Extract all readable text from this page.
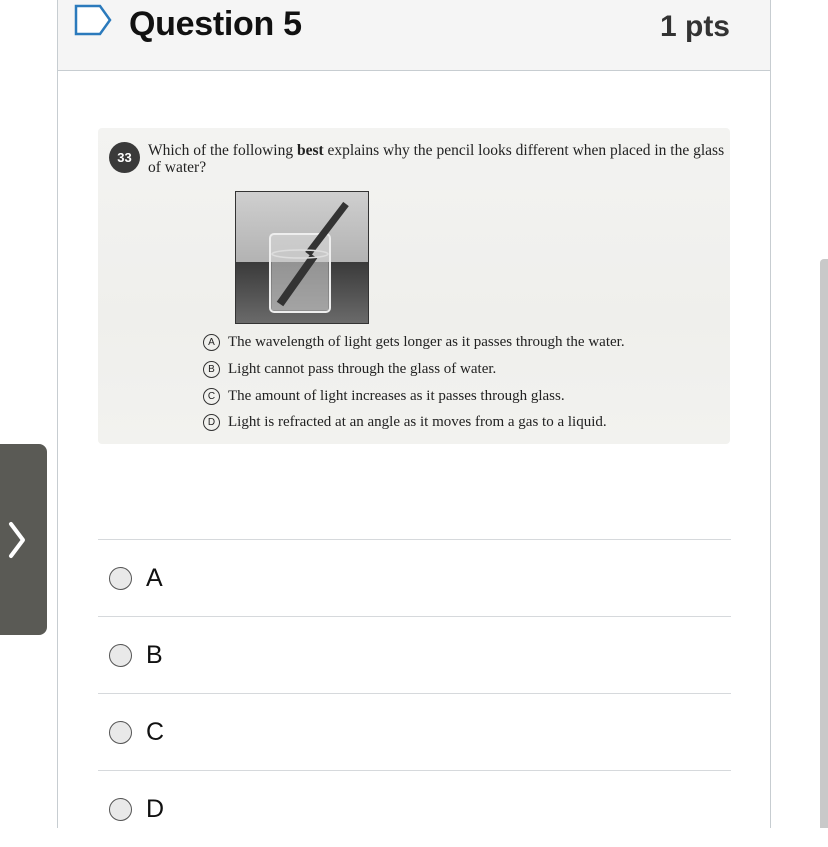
Question 5	1 pts
33	Which of the following best explains why the pencil looks different when placed in the glass of water?
A The wavelength of light gets longer as it passes through the water.
B Light cannot pass through the glass of water.
C The amount of light increases as it passes through glass.
D Light is refracted at an angle as it moves from a gas to a liquid.
A
B
C
D
